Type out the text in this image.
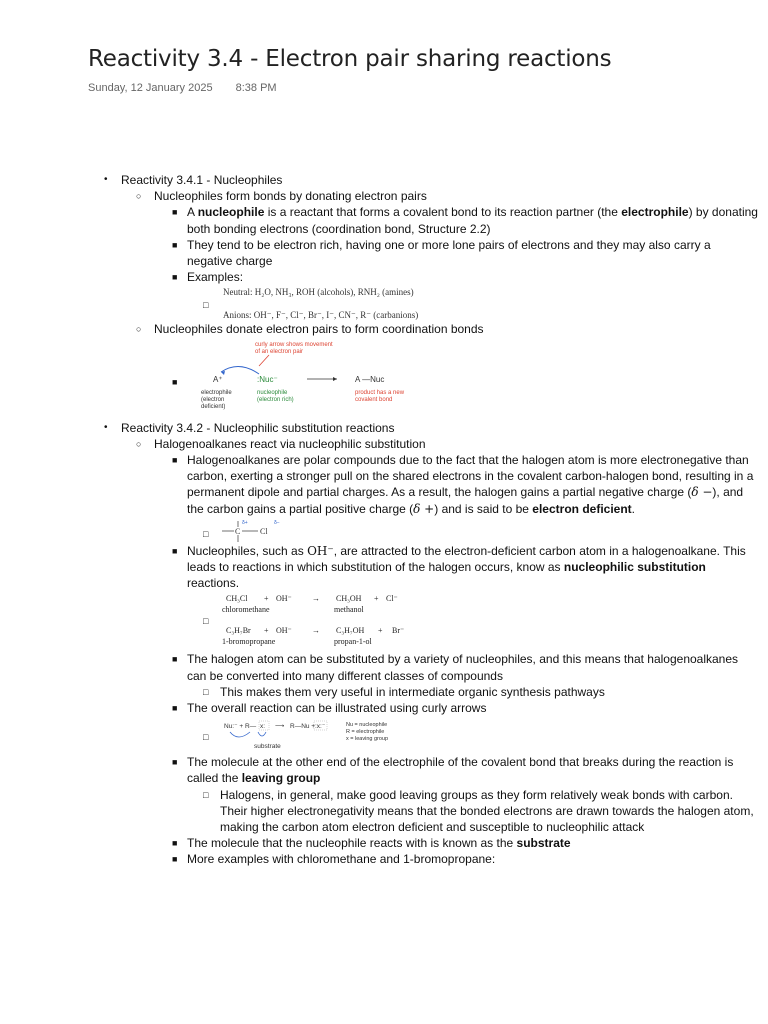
Reactivity 3.4 - Electron pair sharing reactions
Sunday, 12 January 2025 8:38 PM
• Reactivity 3.4.1 - Nucleophiles
○ Nucleophiles form bonds by donating electron pairs
■ A nucleophile is a reactant that forms a covalent bond to its reaction partner (the electrophile) by donating both bonding electrons (coordination bond, Structure 2.2)
■ They tend to be electron rich, having one or more lone pairs of electrons and they may also carry a negative charge
■ Examples:
□
Neutral: H₂O, NH₃, ROH (alcohols), RNH₂ (amines)
Anions: OH⁻, F⁻, Cl⁻, Br⁻, I⁻, CN⁻, R⁻ (carbanions)
○ Nucleophiles donate electron pairs to form coordination bonds
■
curly arrow shows movement
of an electron pair
A⁺	:Nuc⁻	A —Nuc
electrophile
(electron
deficient)
nucleophile
(electron rich)
product has a new
covalent bond
• Reactivity 3.4.2 - Nucleophilic substitution reactions
○ Halogenoalkanes react via nucleophilic substitution
■ Halogenoalkanes are polar compounds due to the fact that the halogen atom is more electronegative than carbon, exerting a stronger pull on the shared electrons in the covalent carbon-halogen bond, resulting in a permanent dipole and partial charges. As a result, the halogen gains a partial negative charge (δ −), and the carbon gains a partial positive charge (δ +) and is said to be electron deficient.
□
δ+	δ−
C Cl
■ Nucleophiles, such as OH⁻, are attracted to the electron-deficient carbon atom in a halogenoalkane. This leads to reactions in which substitution of the halogen occurs, know as nucleophilic substitution reactions.
□
CH₃Cl + OH⁻	→ CH₃OH + Cl⁻
chloromethane	methanol
C₃H₇Br + OH⁻	→ C₃H₇OH + Br⁻
1-bromopropane	propan-1-ol
■ The halogen atom can be substituted by a variety of nucleophiles, and this means that halogenoalkanes can be converted into many different classes of compounds
□ This makes them very useful in intermediate organic synthesis pathways
■ The overall reaction can be illustrated using curly arrows
□
Nu:⁻ + R— x: ⟶ R—Nu + :x:⁻
substrate
Nu = nucleophile
R = electrophile
x = leaving group
■ The molecule at the other end of the electrophile of the covalent bond that breaks during the reaction is called the leaving group
□ Halogens, in general, make good leaving groups as they form relatively weak bonds with carbon. Their higher electronegativity means that the bonded electrons are drawn towards the halogen atom, making the carbon atom electron deficient and susceptible to nucleophilic attack
■ The molecule that the nucleophile reacts with is known as the substrate
■ More examples with chloromethane and 1-bromopropane:
